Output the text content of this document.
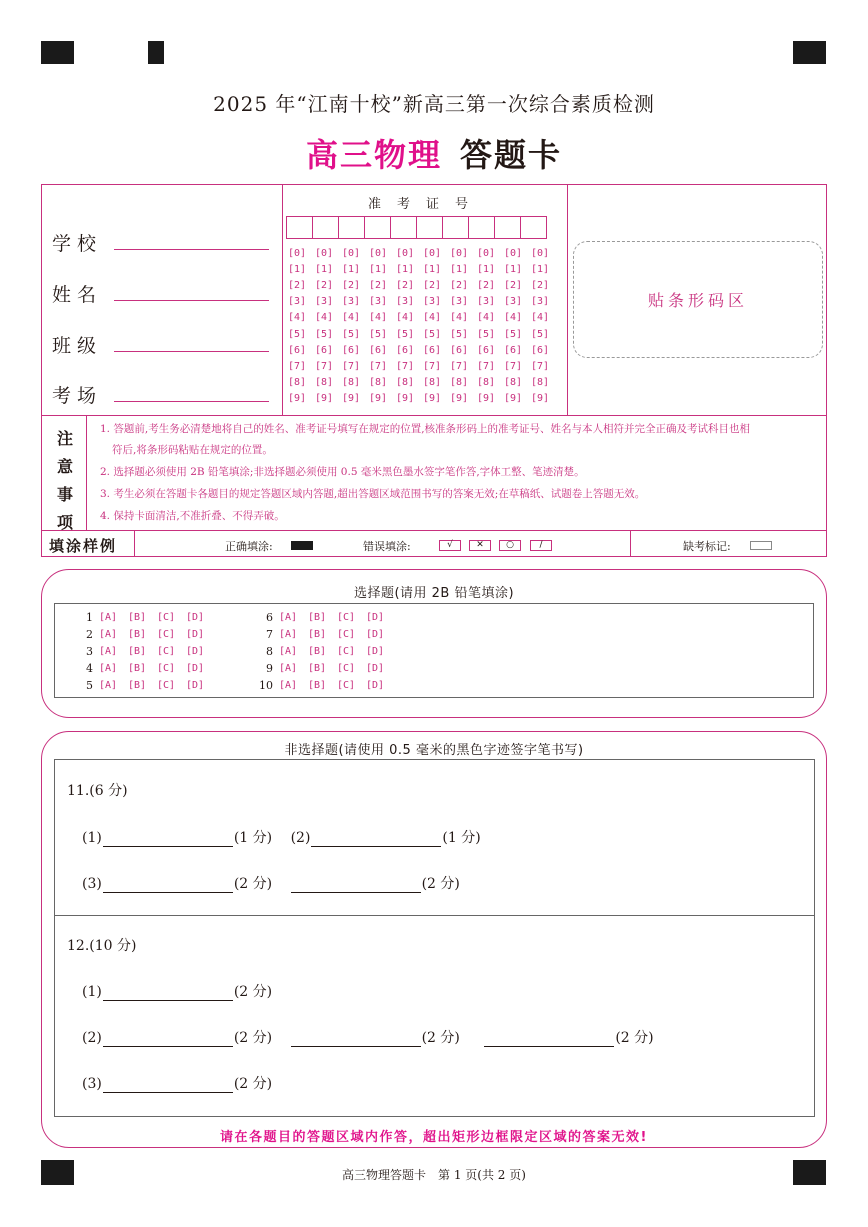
2025 年“江南十校”新高三第一次综合素质检测
高三物理 答题卡
学 校
姓 名
班 级
考 场
准考证号
[0] [0] [0] [0] [0] [0] [0] [0] [0] [0]
[1] [1] [1] [1] [1] [1] [1] [1] [1] [1]
[2] [2] [2] [2] [2] [2] [2] [2] [2] [2]
[3] [3] [3] [3] [3] [3] [3] [3] [3] [3]
[4] [4] [4] [4] [4] [4] [4] [4] [4] [4]
[5] [5] [5] [5] [5] [5] [5] [5] [5] [5]
[6] [6] [6] [6] [6] [6] [6] [6] [6] [6]
[7] [7] [7] [7] [7] [7] [7] [7] [7] [7]
[8] [8] [8] [8] [8] [8] [8] [8] [8] [8]
[9] [9] [9] [9] [9] [9] [9] [9] [9] [9]
贴条形码区
注
意
事
项
1. 答题前,考生务必清楚地将自己的姓名、准考证号填写在规定的位置,核准条形码上的准考证号、姓名与本人相符并完全正确及考试科目也相
符后,将条形码粘贴在规定的位置。
2. 选择题必须使用 2B 铅笔填涂;非选择题必须使用 0.5 毫米黑色墨水签字笔作答,字体工整、笔迹清楚。
3. 考生必须在答题卡各题目的规定答题区域内答题,超出答题区域范围书写的答案无效;在草稿纸、试题卷上答题无效。
4. 保持卡面清洁,不准折叠、不得弄破。
填涂样例	正确填涂:	错误填涂:	√	✕	○	/	缺考标记:
选择题(请用 2B 铅笔填涂)
1 [A]	[B]	[C]	[D]	6 [A]	[B]	[C]	[D]
2 [A]	[B]	[C]	[D]	7 [A]	[B]	[C]	[D]
3 [A]	[B]	[C]	[D]	8 [A]	[B]	[C]	[D]
4 [A]	[B]	[C]	[D]	9 [A]	[B]	[C]	[D]
5 [A]	[B]	[C]	[D]	10 [A]	[B]	[C]	[D]
非选择题(请使用 0.5 毫米的黑色字迹签字笔书写)
11.(6 分)
(1)	(1 分) (2)	(1 分)
(3)	(2 分)	(2 分)
12.(10 分)
(1)	(2 分)
(2)	(2 分)	(2 分)	(2 分)
(3)	(2 分)
请在各题目的答题区域内作答，超出矩形边框限定区域的答案无效!
高三物理答题卡　第 1 页(共 2 页)
